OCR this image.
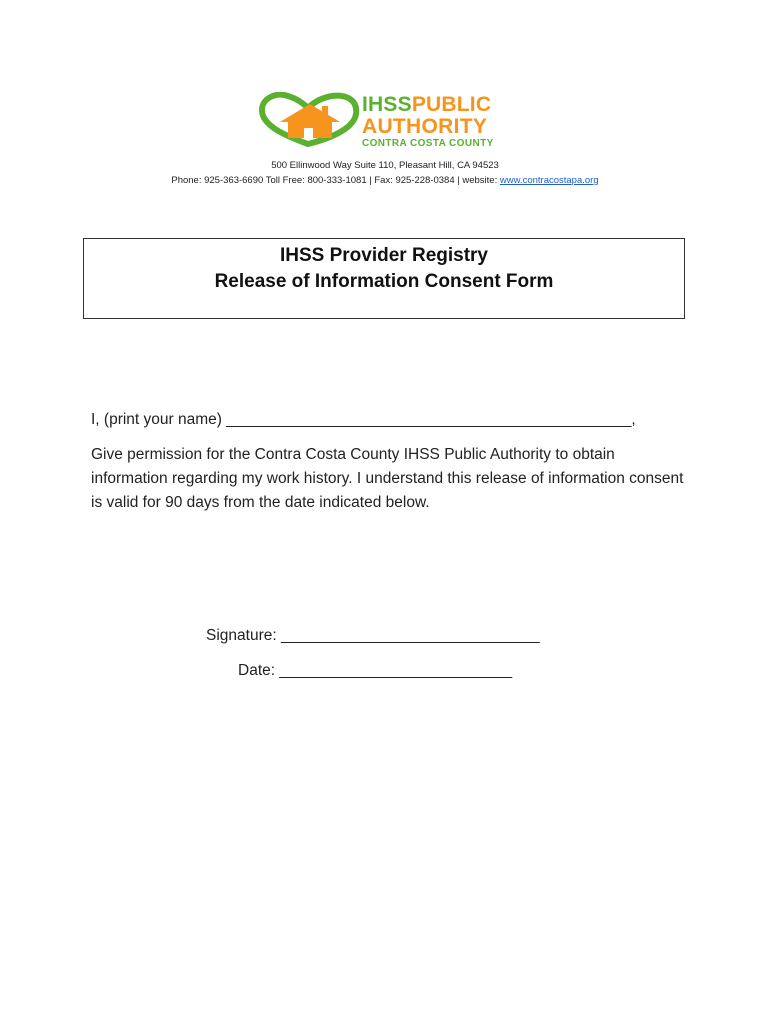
IHSSPUBLIC
AUTHORITY
CONTRA COSTA COUNTY
500 Ellinwood Way Suite 110, Pleasant Hill, CA 94523
Phone: 925-363-6690 Toll Free: 800-333-1081 | Fax: 925-228-0384 | website: www.contracostapa.org
IHSS Provider Registry
Release of Information Consent Form
I, (print your name) _______________________________________________,
Give permission for the Contra Costa County IHSS Public Authority to obtain information regarding my work history. I understand this release of information consent is valid for 90 days from the date indicated below.
Signature: ______________________________
Date: ___________________________
